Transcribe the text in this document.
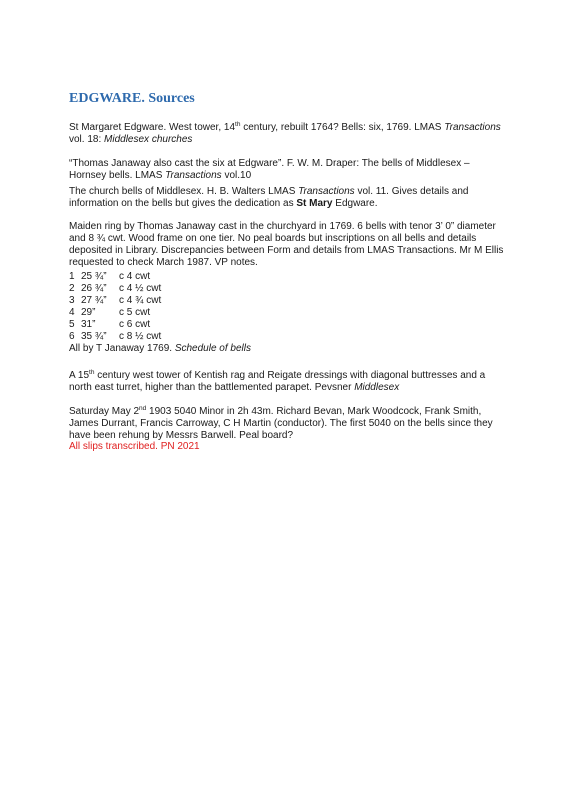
EDGWARE. Sources

St Margaret Edgware. West tower, 14th century, rebuilt 1764? Bells: six, 1769. LMAS Transactions vol. 18: Middlesex churches

“Thomas Janaway also cast the six at Edgware”. F. W. M. Draper: The bells of Middlesex – Hornsey bells. LMAS Transactions vol.10

The church bells of Middlesex. H. B. Walters LMAS Transactions vol. 11. Gives details and information on the bells but gives the dedication as St Mary Edgware.

Maiden ring by Thomas Janaway cast in the churchyard in 1769. 6 bells with tenor 3’ 0” diameter and 8 ¾ cwt. Wood frame on one tier. No peal boards but inscriptions on all bells and details deposited in Library. Discrepancies between Form and details from LMAS Transactions. Mr M Ellis requested to check March 1987. VP notes.

1	25 ¾”	c 4 cwt
2	26 ¾”	c 4 ½ cwt
3	27 ¾”	c 4 ¾ cwt
4	29”	c 5 cwt
5	31”	c 6 cwt
6	35 ¾”	c 8 ½ cwt

All by T Janaway 1769. Schedule of bells

A 15th century west tower of Kentish rag and Reigate dressings with diagonal buttresses and a north east turret, higher than the battlemented parapet. Pevsner Middlesex

Saturday May 2nd 1903 5040 Minor in 2h 43m. Richard Bevan, Mark Woodcock, Frank Smith, James Durrant, Francis Carroway, C H Martin (conductor). The first 5040 on the bells since they have been rehung by Messrs Barwell. Peal board?

All slips transcribed. PN 2021
